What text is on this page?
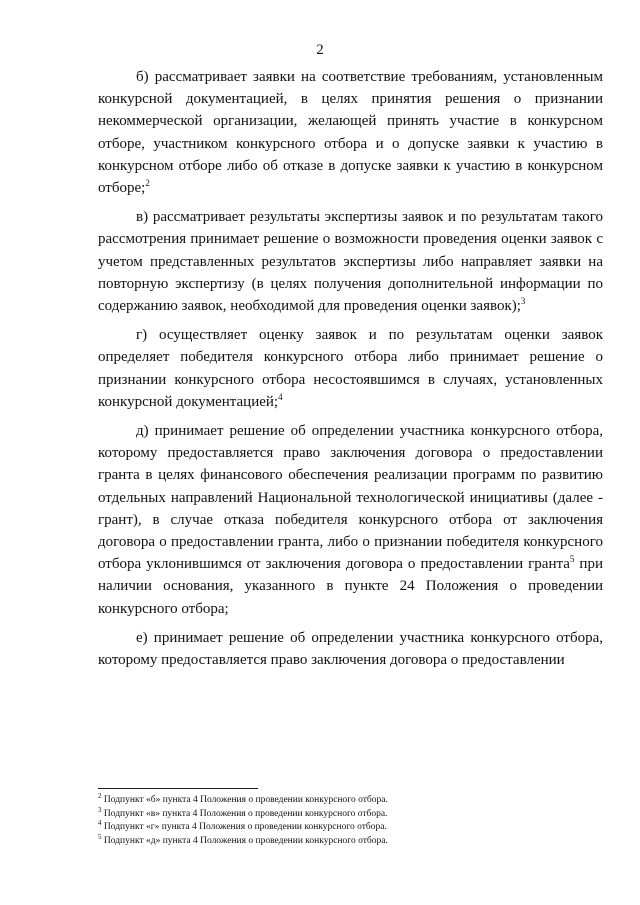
2

б) рассматривает заявки на соответствие требованиям, установленным конкурсной документацией, в целях принятия решения о признании некоммерческой организации, желающей принять участие в конкурсном отборе, участником конкурсного отбора и о допуске заявки к участию в конкурсном отборе либо об отказе в допуске заявки к участию в конкурсном отборе;$^2$

в) рассматривает результаты экспертизы заявок и по результатам такого рассмотрения принимает решение о возможности проведения оценки заявок с учетом представленных результатов экспертизы либо направляет заявки на повторную экспертизу (в целях получения дополнительной информации по содержанию заявок, необходимой для проведения оценки заявок);$^3$

г) осуществляет оценку заявок и по результатам оценки заявок определяет победителя конкурсного отбора либо принимает решение о признании конкурсного отбора несостоявшимся в случаях, установленных конкурсной документацией;$^4$

д) принимает решение об определении участника конкурсного отбора, которому предоставляется право заключения договора о предоставлении гранта в целях финансового обеспечения реализации программ по развитию отдельных направлений Национальной технологической инициативы (далее - грант), в случае отказа победителя конкурсного отбора от заключения договора о предоставлении гранта, либо о признании победителя конкурсного отбора уклонившимся от заключения договора о предоставлении гранта$^5$ при наличии основания, указанного в пункте 24 Положения о проведении конкурсного отбора;

е) принимает решение об определении участника конкурсного отбора, которому предоставляется право заключения договора о предоставлении

$^2$ Подпункт «б» пункта 4 Положения о проведении конкурсного отбора.

$^3$ Подпункт «в» пункта 4 Положения о проведении конкурсного отбора.

$^4$ Подпункт «г» пункта 4 Положения о проведении конкурсного отбора.

$^5$ Подпункт «д» пункта 4 Положения о проведении конкурсного отбора.
